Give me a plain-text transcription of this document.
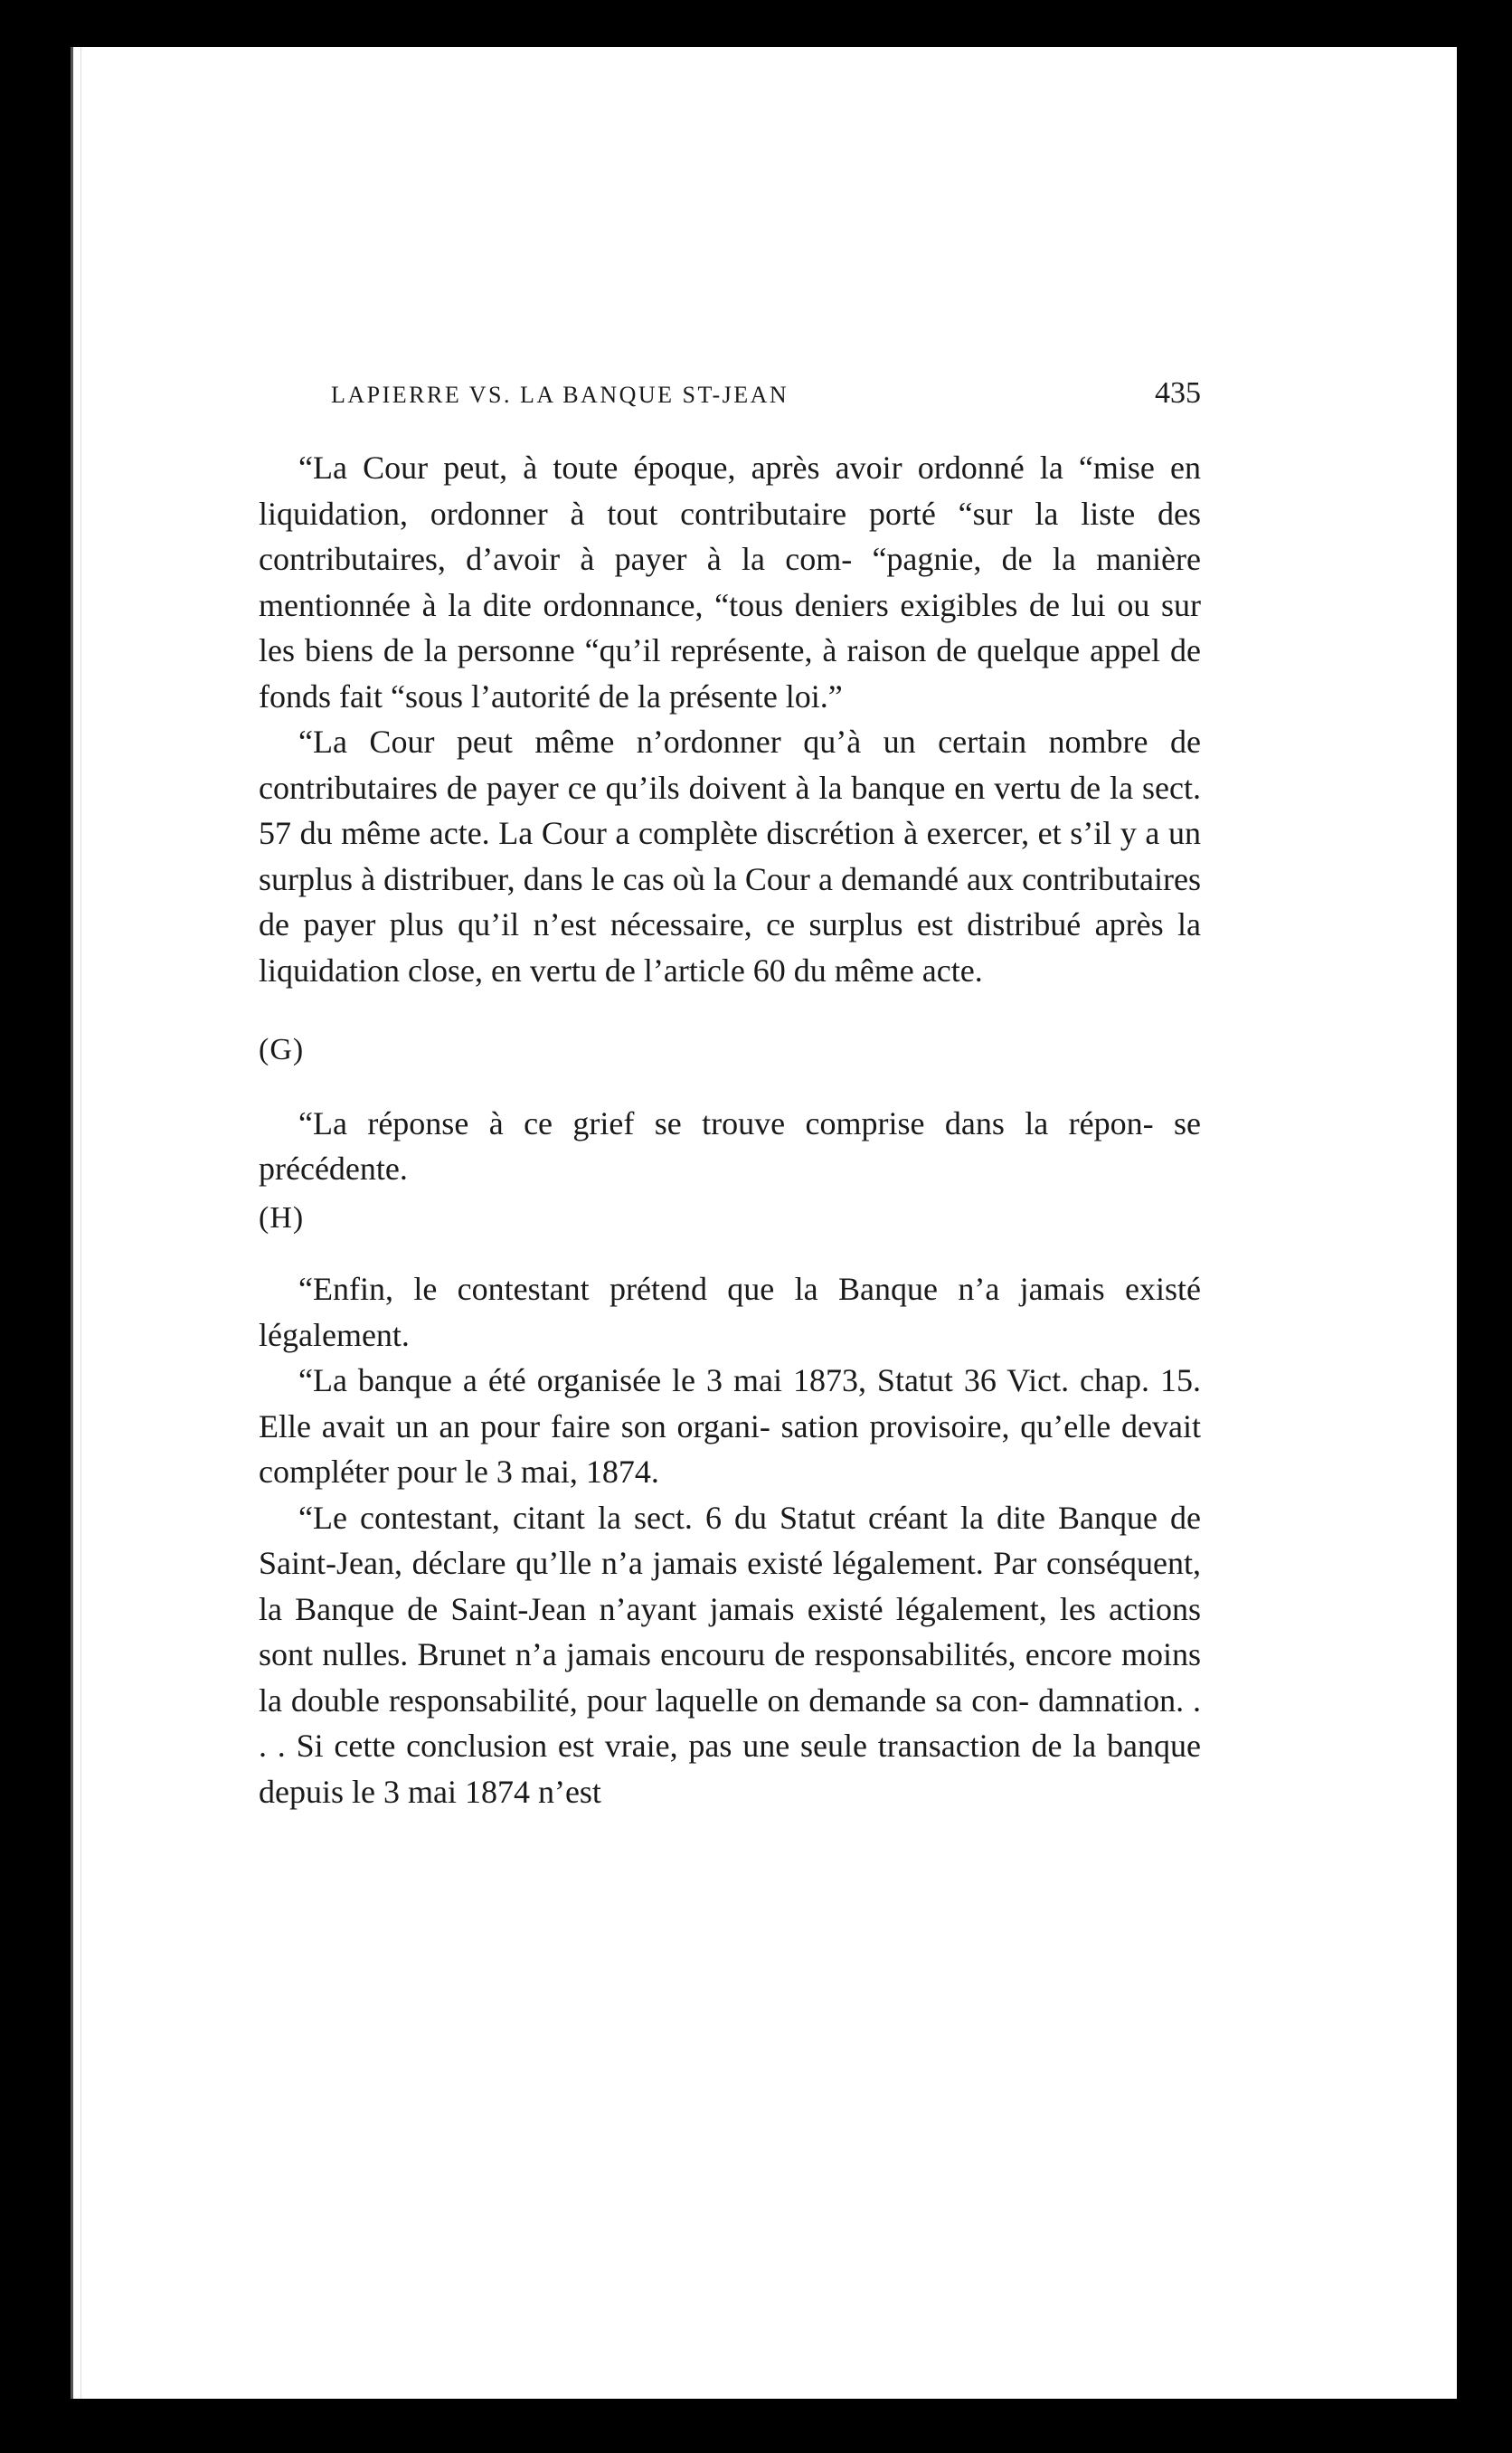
LAPIERRE VS. LA BANQUE ST-JEAN	435

“La Cour peut, à toute époque, après avoir ordonné la “mise en liquidation, ordonner à tout contributaire porté “sur la liste des contributaires, d’avoir à payer à la com- “pagnie, de la manière mentionnée à la dite ordonnance, “tous deniers exigibles de lui ou sur les biens de la personne “qu’il représente, à raison de quelque appel de fonds fait “sous l’autorité de la présente loi.”

“La Cour peut même n’ordonner qu’à un certain nombre de contributaires de payer ce qu’ils doivent à la banque en vertu de la sect. 57 du même acte. La Cour a complète discrétion à exercer, et s’il y a un surplus à distribuer, dans le cas où la Cour a demandé aux contributaires de payer plus qu’il n’est nécessaire, ce surplus est distribué après la liquidation close, en vertu de l’article 60 du même acte.

(G)

“La réponse à ce grief se trouve comprise dans la répon- se précédente.

(H)

“Enfin, le contestant prétend que la Banque n’a jamais existé légalement.

“La banque a été organisée le 3 mai 1873, Statut 36 Vict. chap. 15. Elle avait un an pour faire son organi- sation provisoire, qu’elle devait compléter pour le 3 mai, 1874.

“Le contestant, citant la sect. 6 du Statut créant la dite Banque de Saint-Jean, déclare qu’lle n’a jamais existé légalement. Par conséquent, la Banque de Saint-Jean n’ayant jamais existé légalement, les actions sont nulles. Brunet n’a jamais encouru de responsabilités, encore moins la double responsabilité, pour laquelle on demande sa con- damnation. . . . Si cette conclusion est vraie, pas une seule transaction de la banque depuis le 3 mai 1874 n’est
